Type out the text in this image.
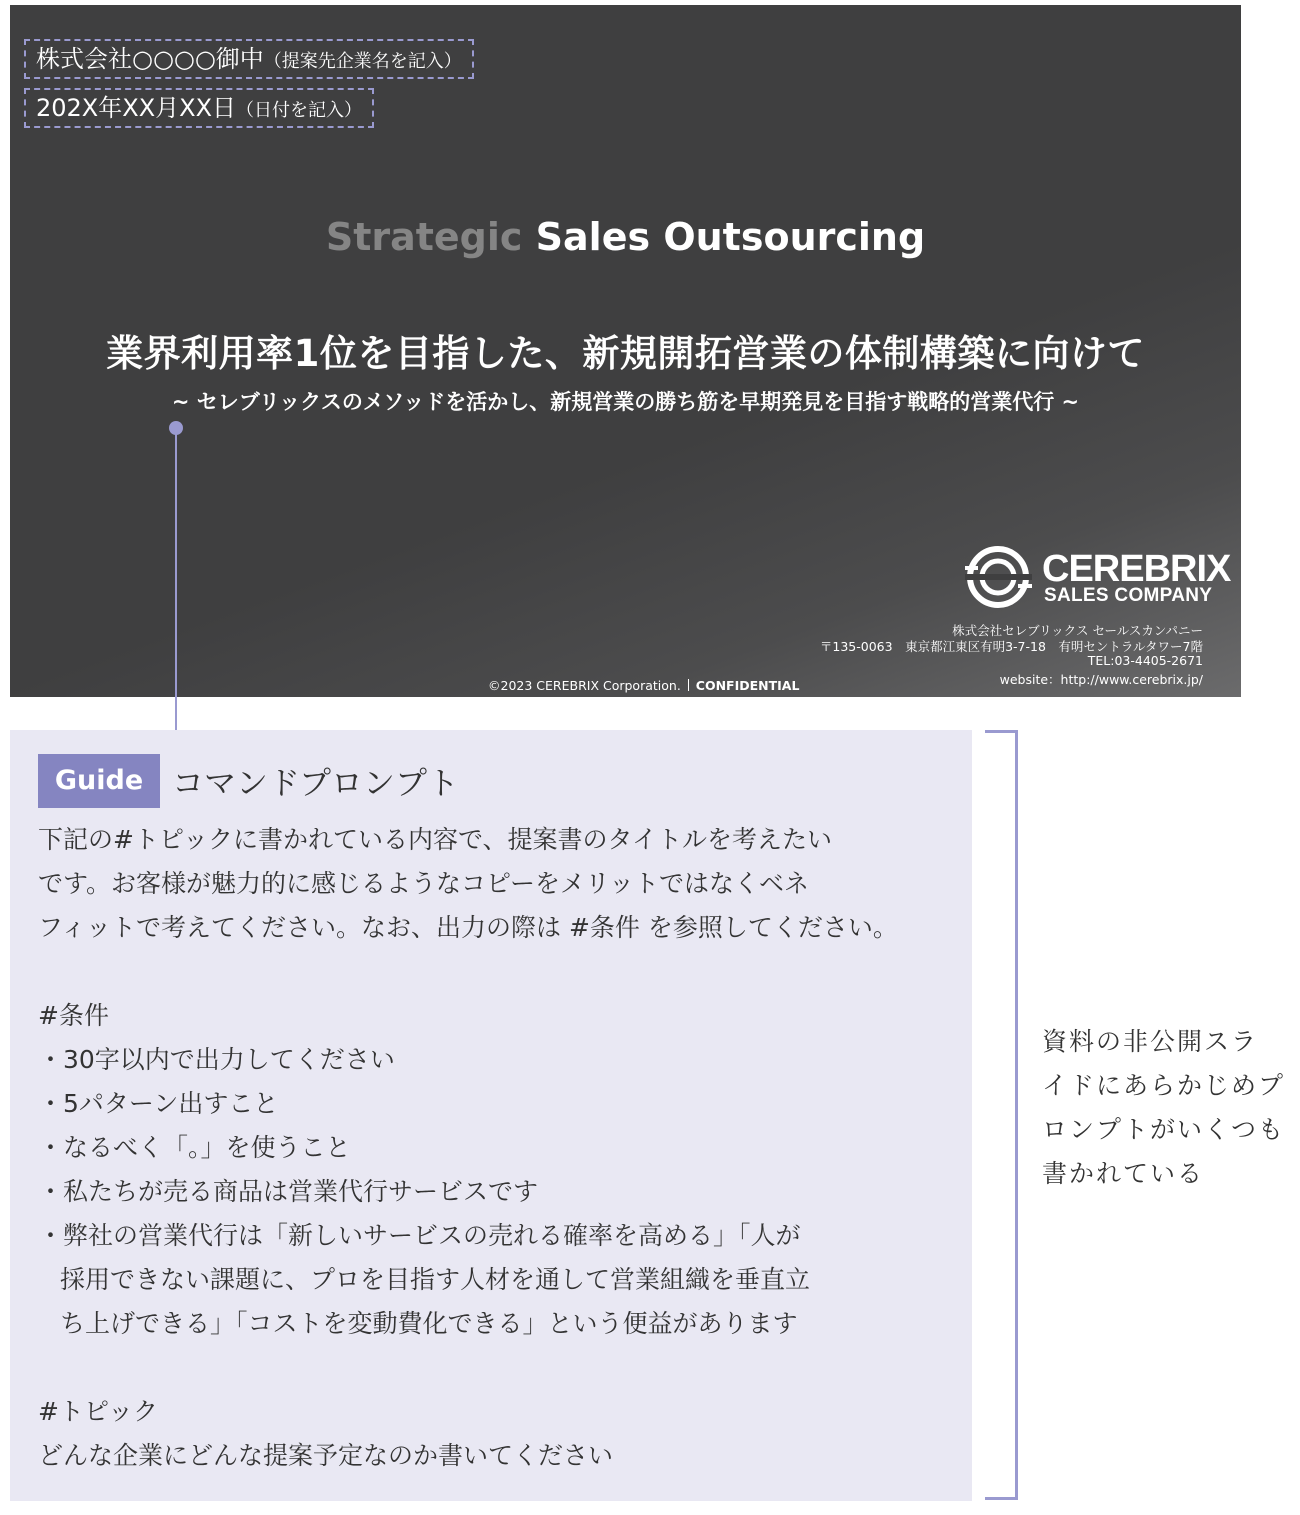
株式会社○○○○御中（提案先企業名を記入）
202X年XX月XX日（日付を記入）
Strategic Sales Outsourcing
業界利用率1位を目指した、新規開拓営業の体制構築に向けて
~ セレブリックスのメソッドを活かし、新規営業の勝ち筋を早期発見を目指す戦略的営業代行 ~
CEREBRIX
SALES COMPANY
株式会社セレブリックス セールスカンパニー
〒135-0063　東京都江東区有明3-7-18　有明セントラルタワー7階
TEL:03-4405-2671
website：http://www.cerebrix.jp/
©2023 CEREBRIX Corporation. CONFIDENTIAL
Guide コマンドプロンプト

下記の#トピックに書かれている内容で、提案書のタイトルを考えたい

です。お客様が魅力的に感じるようなコピーをメリットではなくベネ

フィットで考えてください。なお、出力の際は #条件 を参照してください。

#条件

・30字以内で出力してください

・5パターン出すこと

・なるべく「。」を使うこと

・私たちが売る商品は営業代行サービスです

・弊社の営業代行は「新しいサービスの売れる確率を高める」「人が

採用できない課題に、プロを目指す人材を通して営業組織を垂直立

ち上げできる」「コストを変動費化できる」という便益があります

#トピック

どんな企業にどんな提案予定なのか書いてください

資料の非公開スラ

イドにあらかじめプ

ロンプトがいくつも

書かれている
